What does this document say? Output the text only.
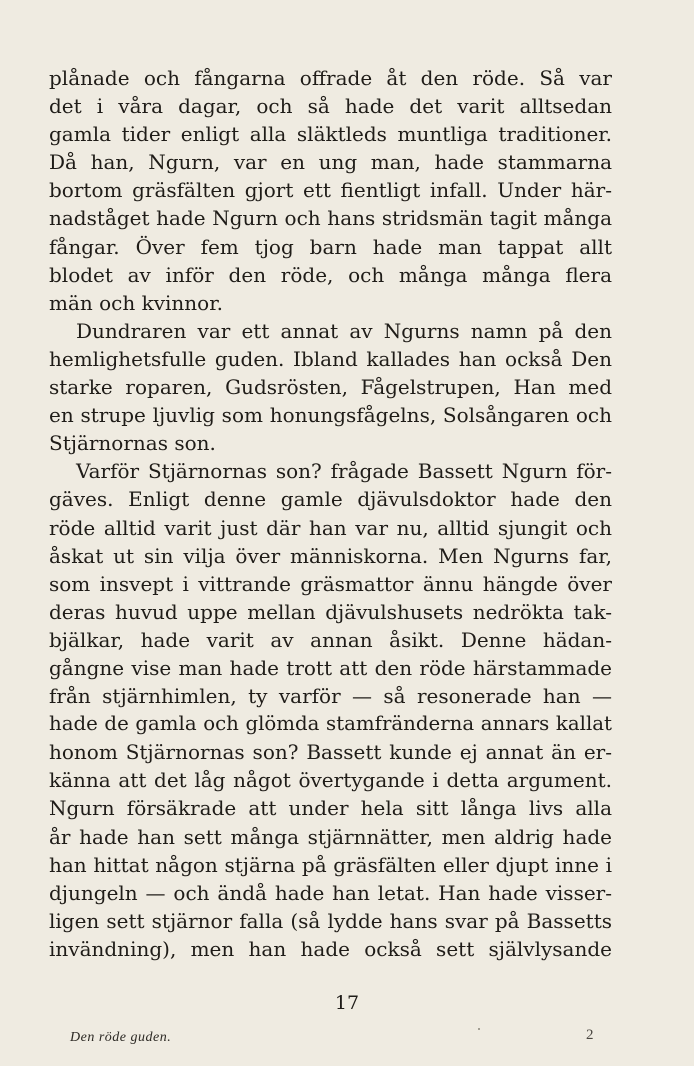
plånade och fångarna offrade åt den röde. Så var
det i våra dagar, och så hade det varit alltsedan
gamla tider enligt alla släktleds muntliga traditioner.
Då han, Ngurn, var en ung man, hade stammarna
bortom gräsfälten gjort ett fientligt infall. Under här-
nadståget hade Ngurn och hans stridsmän tagit många
fångar. Över fem tjog barn hade man tappat allt
blodet av inför den röde, och många många flera
män och kvinnor.
Dundraren var ett annat av Ngurns namn på den
hemlighetsfulle guden. Ibland kallades han också Den
starke roparen, Gudsrösten, Fågelstrupen, Han med
en strupe ljuvlig som honungsfågelns, Solsångaren och
Stjärnornas son.
Varför Stjärnornas son? frågade Bassett Ngurn för-
gäves. Enligt denne gamle djävulsdoktor hade den
röde alltid varit just där han var nu, alltid sjungit och
åskat ut sin vilja över människorna. Men Ngurns far,
som insvept i vittrande gräsmattor ännu hängde över
deras huvud uppe mellan djävulshusets nedrökta tak-
bjälkar, hade varit av annan åsikt. Denne hädan-
gångne vise man hade trott att den röde härstammade
från stjärnhimlen, ty varför — så resonerade han —
hade de gamla och glömda stamfränderna annars kallat
honom Stjärnornas son? Bassett kunde ej annat än er-
känna att det låg något övertygande i detta argument.
Ngurn försäkrade att under hela sitt långa livs alla
år hade han sett många stjärnnätter, men aldrig hade
han hittat någon stjärna på gräsfälten eller djupt inne i
djungeln — och ändå hade han letat. Han hade visser-
ligen sett stjärnor falla (så lydde hans svar på Bassetts
invändning), men han hade också sett självlysande
17
Den röde guden.	2
